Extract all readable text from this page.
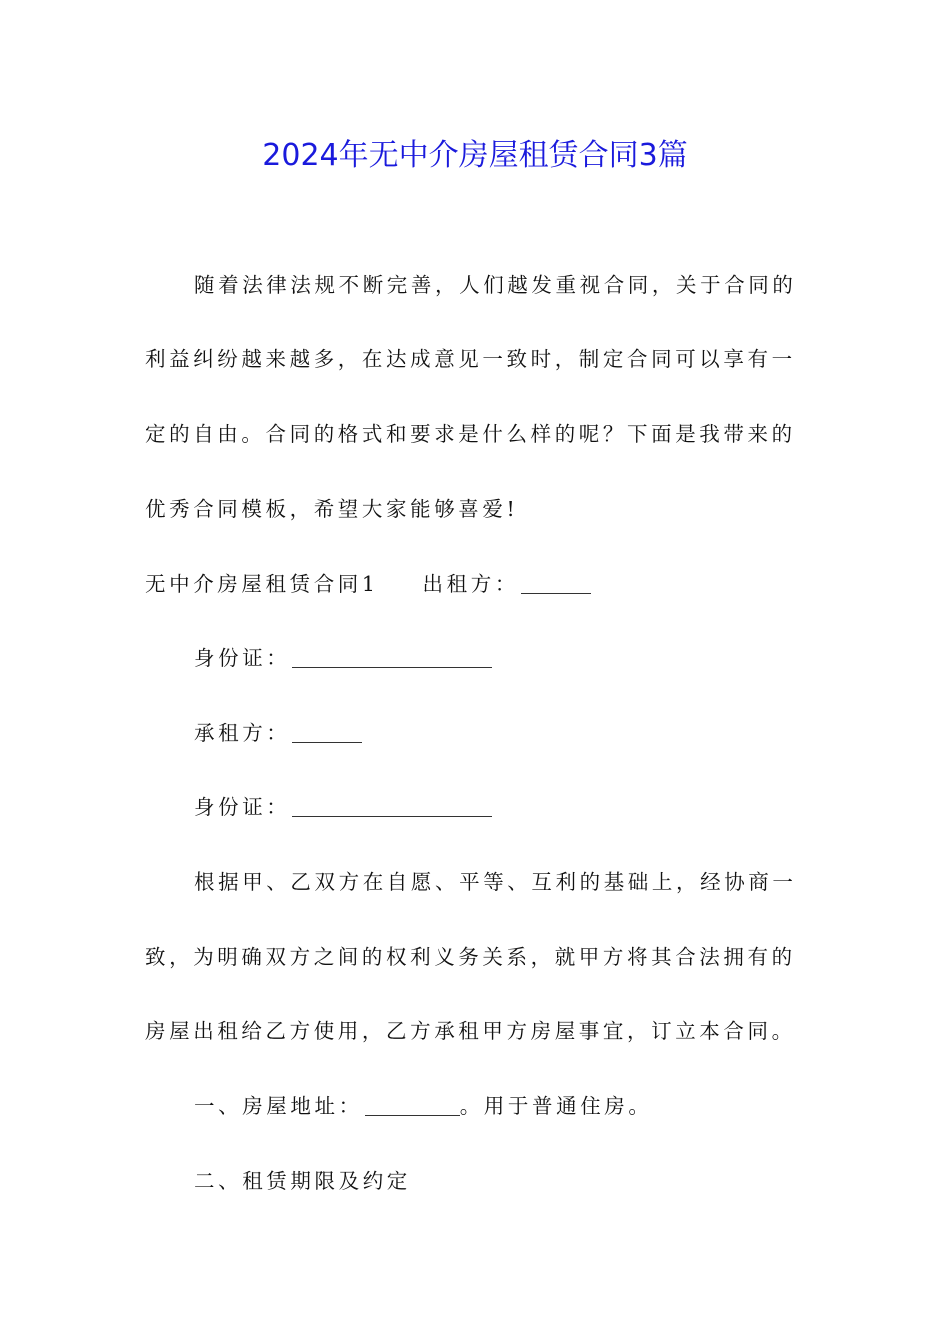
2024年无中介房屋租赁合同3篇
随着法律法规不断完善，人们越发重视合同，关于合同的
利益纠纷越来越多，在达成意见一致时，制定合同可以享有一
定的自由。合同的格式和要求是什么样的呢？下面是我带来的
优秀合同模板，希望大家能够喜爱!
无中介房屋租赁合同1 出租方：
身份证：
承租方：
身份证：
根据甲、乙双方在自愿、平等、互利的基础上，经协商一
致，为明确双方之间的权利义务关系，就甲方将其合法拥有的
房屋出租给乙方使用，乙方承租甲方房屋事宜，订立本合同。
一、房屋地址：	。用于普通住房。
二、租赁期限及约定
